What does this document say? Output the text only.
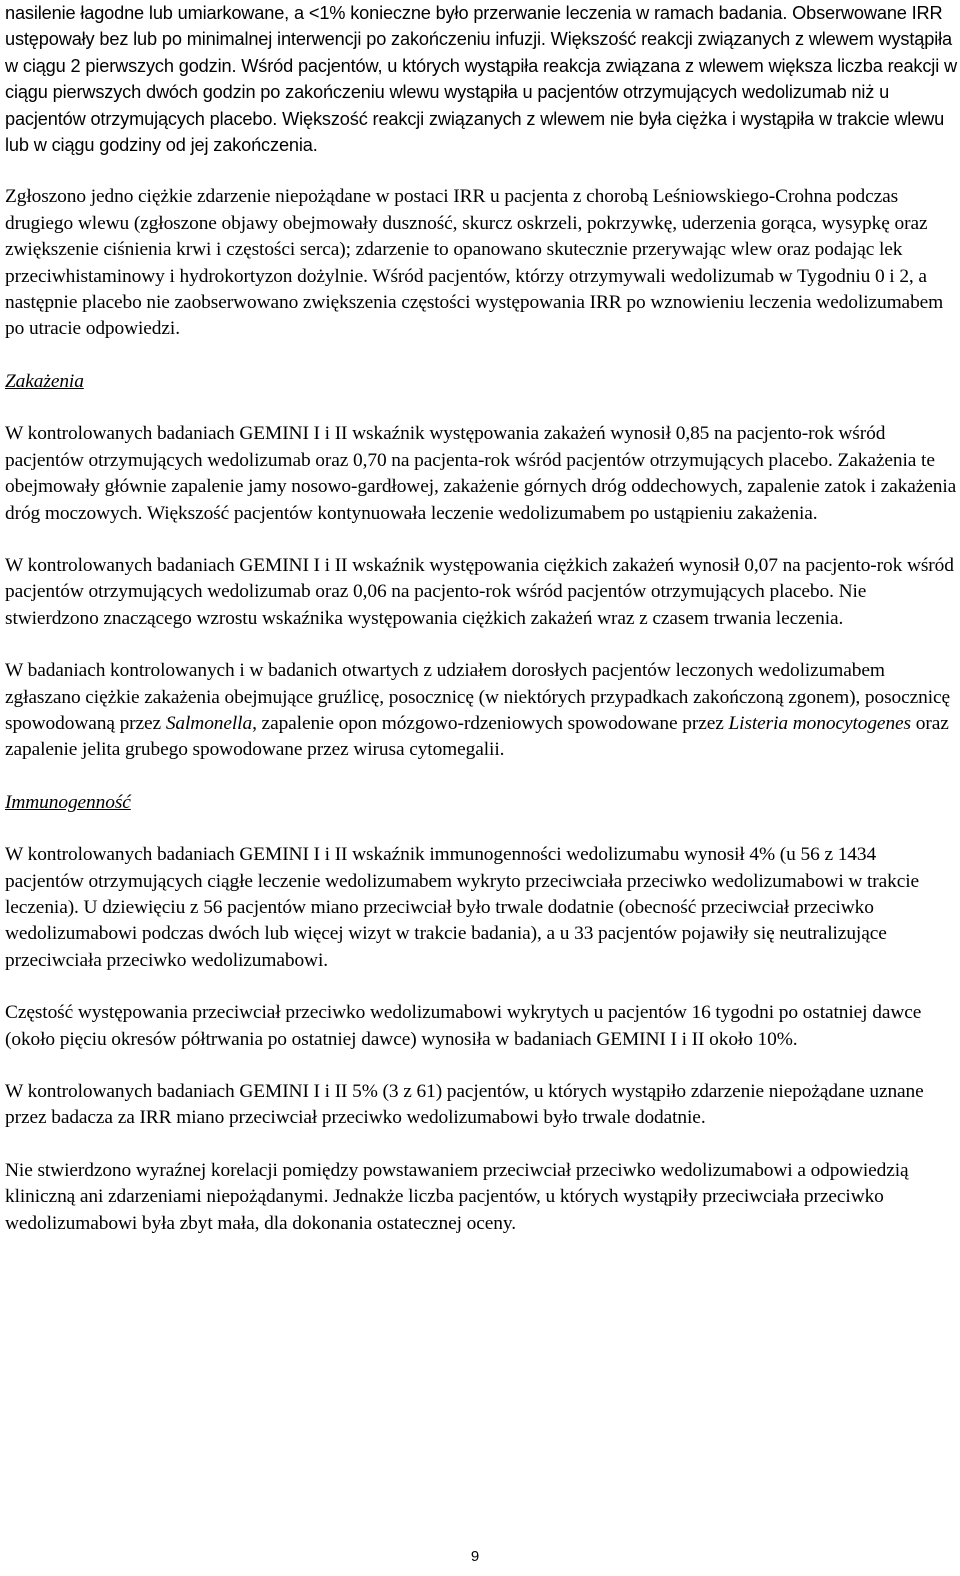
nasilenie łagodne lub umiarkowane, a <1% konieczne było przerwanie leczenia w ramach badania. Obserwowane IRR ustępowały bez lub po minimalnej interwencji po zakończeniu infuzji. Większość reakcji związanych z wlewem wystąpiła w ciągu 2 pierwszych godzin. Wśród pacjentów, u których wystąpiła reakcja związana z wlewem większa liczba reakcji w ciągu pierwszych dwóch godzin po zakończeniu wlewu wystąpiła u pacjentów otrzymujących wedolizumab niż u pacjentów otrzymujących placebo. Większość reakcji związanych z wlewem nie była ciężka i wystąpiła w trakcie wlewu lub w ciągu godziny od jej zakończenia.

Zgłoszono jedno ciężkie zdarzenie niepożądane w postaci IRR u pacjenta z chorobą Leśniowskiego-Crohna podczas drugiego wlewu (zgłoszone objawy obejmowały duszność, skurcz oskrzeli, pokrzywkę, uderzenia gorąca, wysypkę oraz zwiększenie ciśnienia krwi i częstości serca); zdarzenie to opanowano skutecznie przerywając wlew oraz podając lek przeciwhistaminowy i hydrokortyzon dożylnie. Wśród pacjentów, którzy otrzymywali wedolizumab w Tygodniu 0 i 2, a następnie placebo nie zaobserwowano zwiększenia częstości występowania IRR po wznowieniu leczenia wedolizumabem po utracie odpowiedzi.

Zakażenia

W kontrolowanych badaniach GEMINI I i II wskaźnik występowania zakażeń wynosił 0,85 na pacjento-rok wśród pacjentów otrzymujących wedolizumab oraz 0,70 na pacjenta-rok wśród pacjentów otrzymujących placebo. Zakażenia te obejmowały głównie zapalenie jamy nosowo-gardłowej, zakażenie górnych dróg oddechowych, zapalenie zatok i zakażenia dróg moczowych. Większość pacjentów kontynuowała leczenie wedolizumabem po ustąpieniu zakażenia.

W kontrolowanych badaniach GEMINI I i II wskaźnik występowania ciężkich zakażeń wynosił 0,07 na pacjento-rok wśród pacjentów otrzymujących wedolizumab oraz 0,06 na pacjento-rok wśród pacjentów otrzymujących placebo. Nie stwierdzono znaczącego wzrostu wskaźnika występowania ciężkich zakażeń wraz z czasem trwania leczenia.

W badaniach kontrolowanych i w badanich otwartych z udziałem dorosłych pacjentów leczonych wedolizumabem zgłaszano ciężkie zakażenia obejmujące gruźlicę, posocznicę (w niektórych przypadkach zakończoną zgonem), posocznicę spowodowaną przez Salmonella, zapalenie opon mózgowo-rdzeniowych spowodowane przez Listeria monocytogenes oraz zapalenie jelita grubego spowodowane przez wirusa cytomegalii.

Immunogenność

W kontrolowanych badaniach GEMINI I i II wskaźnik immunogenności wedolizumabu wynosił 4% (u 56 z 1434 pacjentów otrzymujących ciągłe leczenie wedolizumabem wykryto przeciwciała przeciwko wedolizumabowi w trakcie leczenia). U dziewięciu z 56 pacjentów miano przeciwciał było trwale dodatnie (obecność przeciwciał przeciwko wedolizumabowi podczas dwóch lub więcej wizyt w trakcie badania), a u 33 pacjentów pojawiły się neutralizujące przeciwciała przeciwko wedolizumabowi.

Częstość występowania przeciwciał przeciwko wedolizumabowi wykrytych u pacjentów 16 tygodni po ostatniej dawce (około pięciu okresów półtrwania po ostatniej dawce) wynosiła w badaniach GEMINI I i II około 10%.

W kontrolowanych badaniach GEMINI I i II 5% (3 z 61) pacjentów, u których wystąpiło zdarzenie niepożądane uznane przez badacza za IRR miano przeciwciał przeciwko wedolizumabowi było trwale dodatnie.

Nie stwierdzono wyraźnej korelacji pomiędzy powstawaniem przeciwciał przeciwko wedolizumabowi a odpowiedzią kliniczną ani zdarzeniami niepożądanymi. Jednakże liczba pacjentów, u których wystąpiły przeciwciała przeciwko wedolizumabowi była zbyt mała, dla dokonania ostatecznej oceny.

9
